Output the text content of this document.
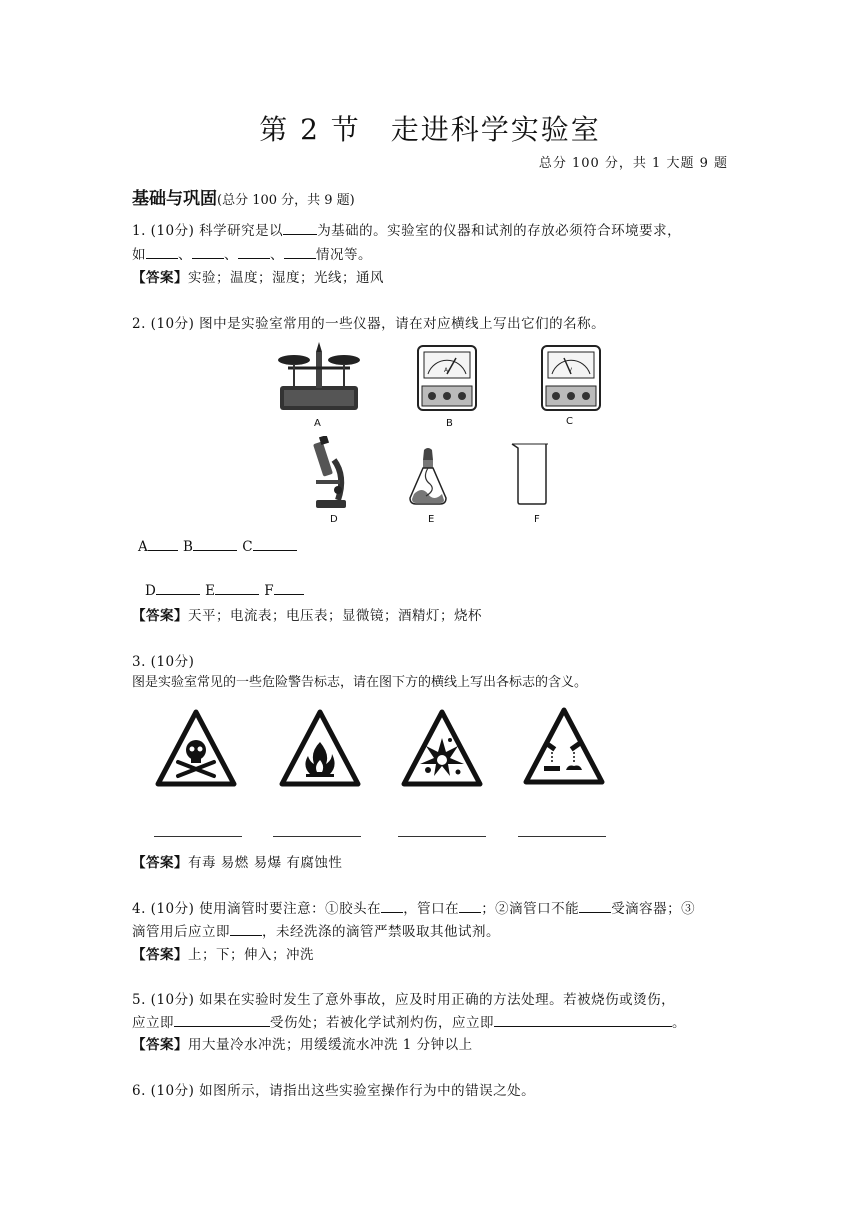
第 2 节　走进科学实验室
总分 100 分，共 1 大题 9 题
基础与巩固(总分 100 分，共 9 题)
1. (10分) 科学研究是以	为基础的。实验室的仪器和试剂的存放必须符合环境要求，
如 、 、 、 情况等。
【答案】实验；温度；湿度；光线；通风
2. (10分) 图中是实验室常用的一些仪器，请在对应横线上写出它们的名称。
A
A
B
V
C
D	E	F
A	B	C
D	E	F
【答案】天平；电流表；电压表；显微镜；酒精灯；烧杯
3. (10分)
图是实验室常见的一些危险警告标志，请在图下方的横线上写出各标志的含义。
【答案】有毒 易燃 易爆 有腐蚀性
4. (10分) 使用滴管时要注意：①胶头在 ，管口在 ；②滴管口不能 受滴容器；③
滴管用后应立即 ，未经洗涤的滴管严禁吸取其他试剂。
【答案】上；下；伸入；冲洗
5. (10分) 如果在实验时发生了意外事故，应及时用正确的方法处理。若被烧伤或烫伤，
应立即	受伤处；若被化学试剂灼伤，应立即	。
【答案】用大量冷水冲洗；用缓缓流水冲洗 1 分钟以上
6. (10分) 如图所示，请指出这些实验室操作行为中的错误之处。
